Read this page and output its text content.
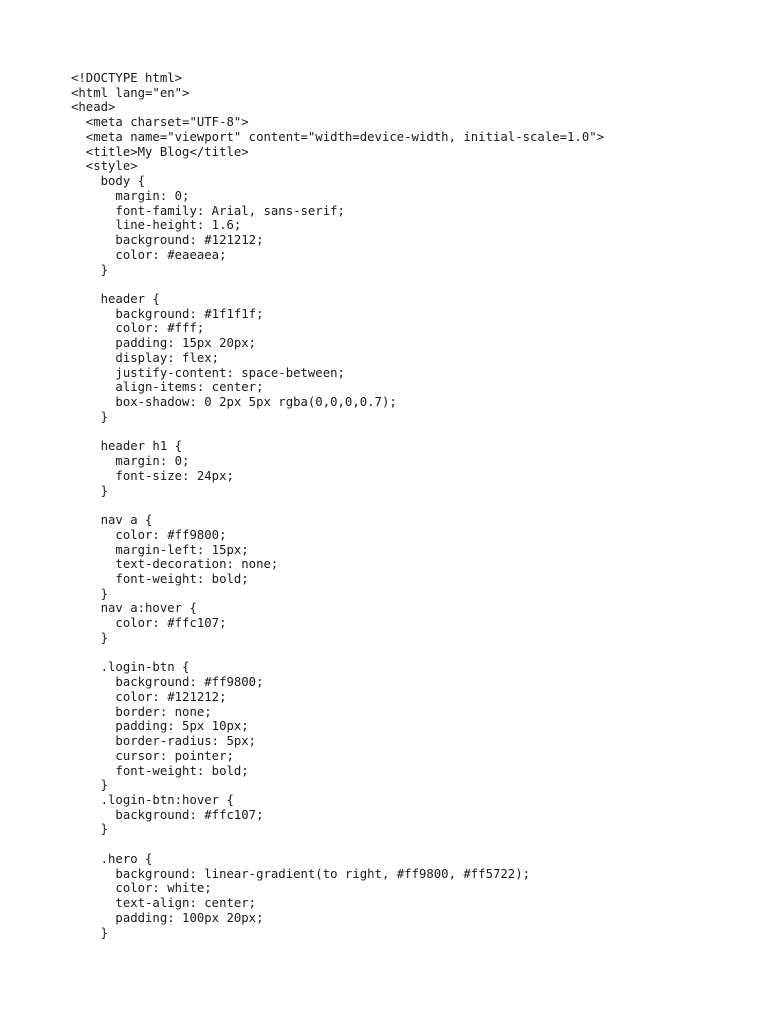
<!DOCTYPE html>
<html lang="en">
<head>
<meta charset="UTF-8">
<meta name="viewport" content="width=device-width, initial-scale=1.0">
<title>My Blog</title>
<style>
body {
margin: 0;
font-family: Arial, sans-serif;
line-height: 1.6;
background: #121212;
color: #eaeaea;
}
header {
background: #1f1f1f;
color: #fff;
padding: 15px 20px;
display: flex;
justify-content: space-between;
align-items: center;
box-shadow: 0 2px 5px rgba(0,0,0,0.7);
}
header h1 {
margin: 0;
font-size: 24px;
}
nav a {
color: #ff9800;
margin-left: 15px;
text-decoration: none;
font-weight: bold;
}
nav a:hover {
color: #ffc107;
}
.login-btn {
background: #ff9800;
color: #121212;
border: none;
padding: 5px 10px;
border-radius: 5px;
cursor: pointer;
font-weight: bold;
}
.login-btn:hover {
background: #ffc107;
}
.hero {
background: linear-gradient(to right, #ff9800, #ff5722);
color: white;
text-align: center;
padding: 100px 20px;
}
